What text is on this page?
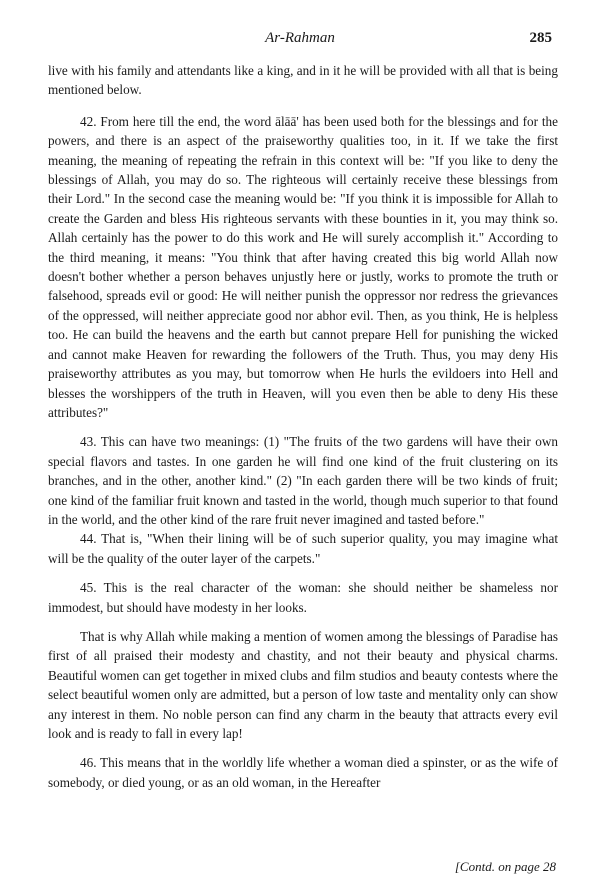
Ar-Rahman	285

live with his family and attendants like a king, and in it he will be provided with all that is being mentioned below.

42. From here till the end, the word ālāā' has been used both for the blessings and for the powers, and there is an aspect of the praiseworthy qualities too, in it. If we take the first meaning, the meaning of repeating the refrain in this context will be: "If you like to deny the blessings of Allah, you may do so. The righteous will certainly receive these blessings from their Lord." In the second case the meaning would be: "If you think it is impossible for Allah to create the Garden and bless His righteous servants with these bounties in it, you may think so. Allah certainly has the power to do this work and He will surely accomplish it." According to the third meaning, it means: "You think that after having created this big world Allah now doesn't bother whether a person behaves unjustly here or justly, works to promote the truth or falsehood, spreads evil or good: He will neither punish the oppressor nor redress the grievances of the oppressed, will neither appreciate good nor abhor evil. Then, as you think, He is helpless too. He can build the heavens and the earth but cannot prepare Hell for punishing the wicked and cannot make Heaven for rewarding the followers of the Truth. Thus, you may deny His praiseworthy attributes as you may, but tomorrow when He hurls the evildoers into Hell and blesses the worshippers of the truth in Heaven, will you even then be able to deny His these attributes?"

43. This can have two meanings: (1) "The fruits of the two gardens will have their own special flavors and tastes. In one garden he will find one kind of the fruit clustering on its branches, and in the other, another kind." (2) "In each garden there will be two kinds of fruit; one kind of the familiar fruit known and tasted in the world, though much superior to that found in the world, and the other kind of the rare fruit never imagined and tasted before."

44. That is, "When their lining will be of such superior quality, you may imagine what will be the quality of the outer layer of the carpets."

45. This is the real character of the woman: she should neither be shameless nor immodest, but should have modesty in her looks.

That is why Allah while making a mention of women among the blessings of Paradise has first of all praised their modesty and chastity, and not their beauty and physical charms. Beautiful women can get together in mixed clubs and film studios and beauty contests where the select beautiful women only are admitted, but a person of low taste and mentality only can show any interest in them. No noble person can find any charm in the beauty that attracts every evil look and is ready to fall in every lap!

46. This means that in the worldly life whether a woman died a spinster, or as the wife of somebody, or died young, or as an old woman, in the Hereafter

[Contd. on page 28
